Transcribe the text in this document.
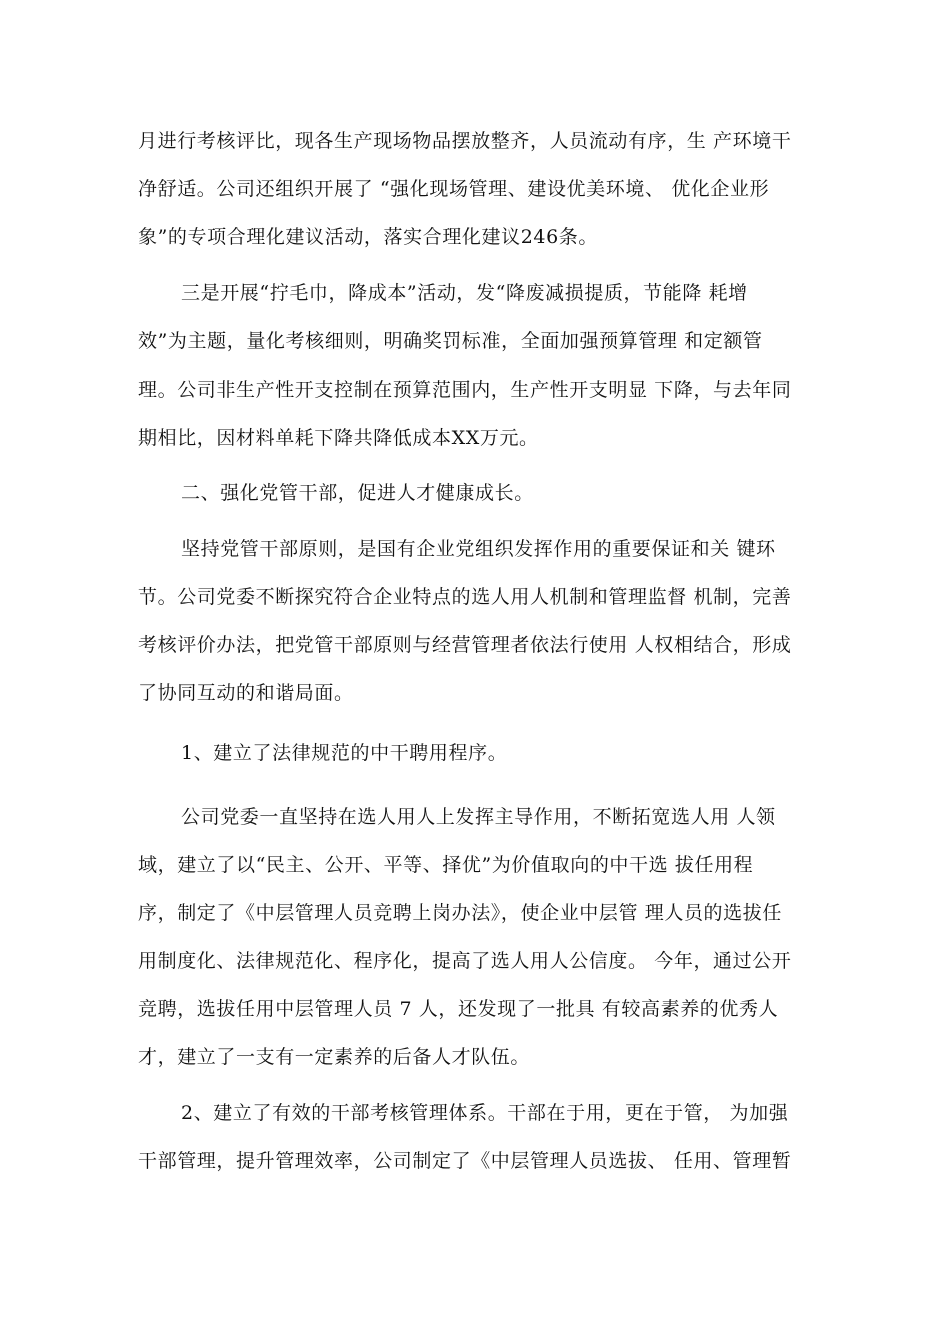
月进行考核评比，现各生产现场物品摆放整齐，人员流动有序，生 产环境干

净舒适。公司还组织开展了 “强化现场管理、建设优美环境、 优化企业形

象”的专项合理化建议活动，落实合理化建议246条。

三是开展“拧毛巾，降成本”活动，发“降废减损提质，节能降 耗增

效”为主题，量化考核细则，明确奖罚标准，全面加强预算管理 和定额管

理。公司非生产性开支控制在预算范围内，生产性开支明显 下降，与去年同

期相比，因材料单耗下降共降低成本XX万元。

二、强化党管干部，促进人才健康成长。

坚持党管干部原则，是国有企业党组织发挥作用的重要保证和关 键环

节。公司党委不断探究符合企业特点的选人用人机制和管理监督 机制，完善

考核评价办法，把党管干部原则与经营管理者依法行使用 人权相结合，形成

了协同互动的和谐局面。

1、建立了法律规范的中干聘用程序。

公司党委一直坚持在选人用人上发挥主导作用，不断拓宽选人用 人领

域，建立了以“民主、公开、平等、择优”为价值取向的中干选 拔任用程

序，制定了《中层管理人员竞聘上岗办法》，使企业中层管 理人员的选拔任

用制度化、法律规范化、程序化，提高了选人用人公信度。 今年，通过公开

竞聘，选拔任用中层管理人员 7 人，还发现了一批具 有较高素养的优秀人

才，建立了一支有一定素养的后备人才队伍。

2、建立了有效的干部考核管理体系。干部在于用，更在于管， 为加强

干部管理，提升管理效率，公司制定了《中层管理人员选拔、 任用、管理暂
